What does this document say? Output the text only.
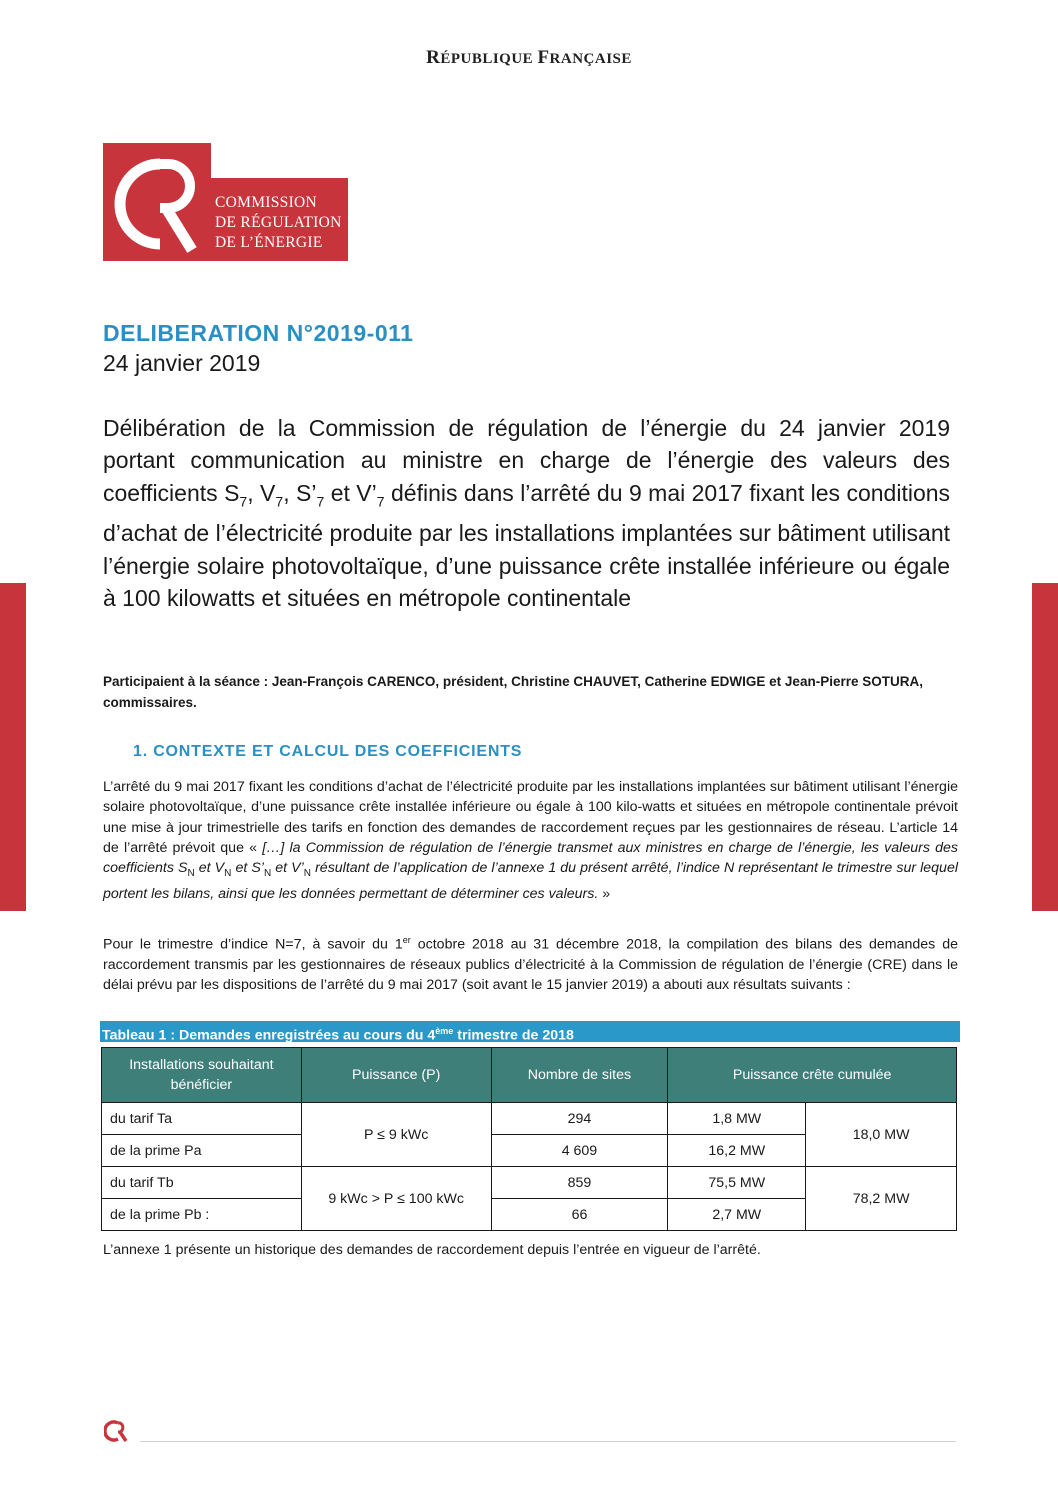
RÉPUBLIQUE FRANÇAISE
COMMISSION
DE RÉGULATION
DE L’ÉNERGIE
DELIBERATION N°2019-011
24 janvier 2019
Délibération de la Commission de régulation de l’énergie du 24 janvier 2019 portant communication au ministre en charge de l’énergie des valeurs des coefficients $S_7$, $V_7$, $S’_7$ et $V’_7$ définis dans l’arrêté du 9 mai 2017 fixant les conditions d’achat de l’électricité produite par les installations implantées sur bâtiment utilisant l’énergie solaire photovoltaïque, d’une puissance crête installée inférieure ou égale à 100 kilowatts et situées en métropole continentale
Participaient à la séance : Jean-François CARENCO, président, Christine CHAUVET, Catherine EDWIGE et Jean-Pierre SOTURA, commissaires.
1. CONTEXTE ET CALCUL DES COEFFICIENTS
L’arrêté du 9 mai 2017 fixant les conditions d’achat de l’électricité produite par les installations implantées sur bâtiment utilisant l’énergie solaire photovoltaïque, d’une puissance crête installée inférieure ou égale à 100 kilo-watts et situées en métropole continentale prévoit une mise à jour trimestrielle des tarifs en fonction des demandes de raccordement reçues par les gestionnaires de réseau. L’article 14 de l’arrêté prévoit que « […] la Commission de régulation de l’énergie transmet aux ministres en charge de l’énergie, les valeurs des coefficients $S_N$ et $V_N$ et $S’_N$ et $V’_N$ résultant de l’application de l’annexe 1 du présent arrêté, l’indice N représentant le trimestre sur lequel portent les bilans, ainsi que les données permettant de déterminer ces valeurs. »
Pour le trimestre d’indice N=7, à savoir du 1er octobre 2018 au 31 décembre 2018, la compilation des bilans des demandes de raccordement transmis par les gestionnaires de réseaux publics d’électricité à la Commission de régulation de l’énergie (CRE) dans le délai prévu par les dispositions de l’arrêté du 9 mai 2017 (soit avant le 15 janvier 2019) a abouti aux résultats suivants :
Tableau 1 : Demandes enregistrées au cours du 4ème trimestre de 2018
Installations souhaitant bénéficier	Puissance (P)	Nombre de sites	Puissance crête cumulée	
du tarif Ta	P ≤ 9 kWc	294	1,8 MW	18,0 MW
de la prime Pa		4 609	16,2 MW	
du tarif Tb	9 kWc > P ≤ 100 kWc	859	75,5 MW	78,2 MW
de la prime Pb :		66	2,7 MW	
L’annexe 1 présente un historique des demandes de raccordement depuis l’entrée en vigueur de l’arrêté.
